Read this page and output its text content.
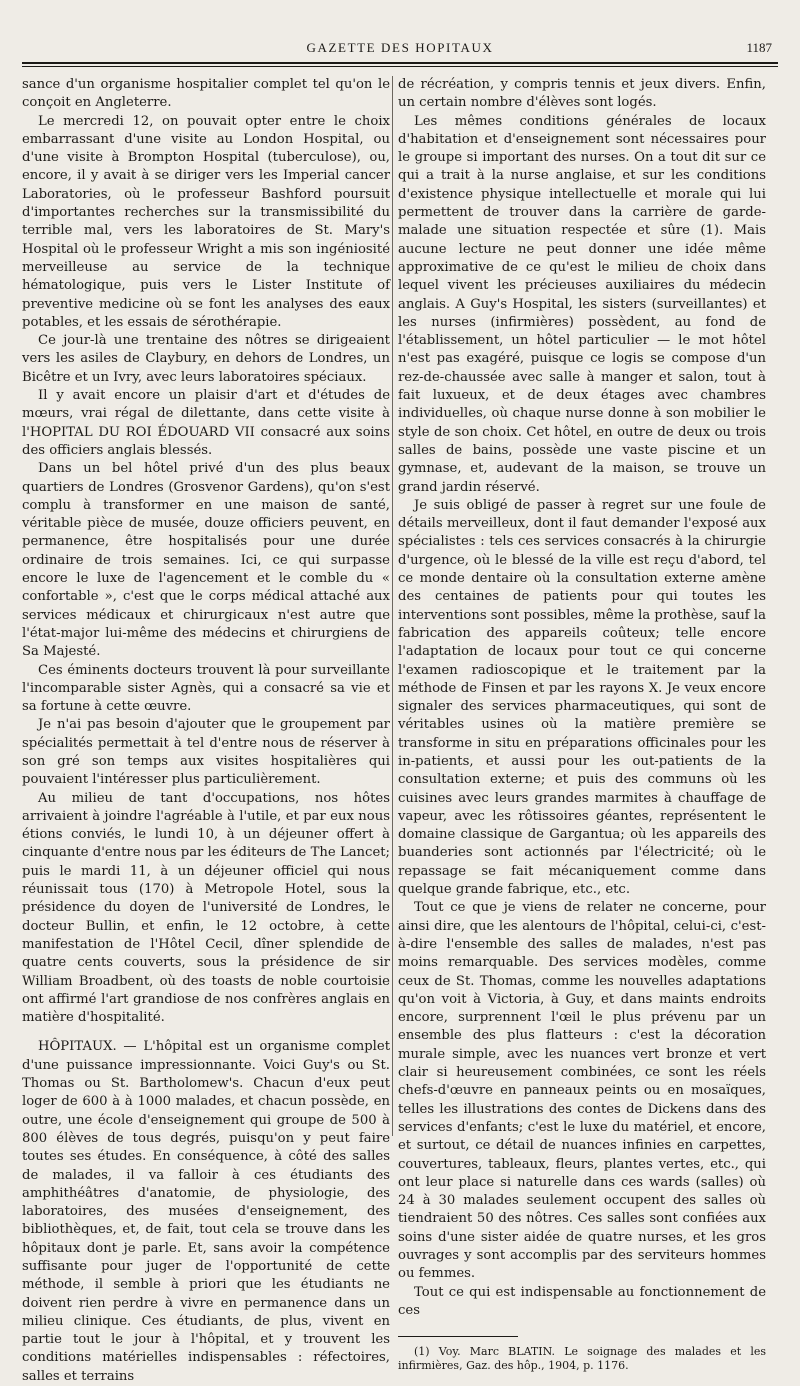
GAZETTE DES HOPITAUX	1187

sance d'un organisme hospitalier complet tel qu'on le conçoit en Angleterre.

Le mercredi 12, on pouvait opter entre le choix embarrassant d'une visite au London Hospital, ou d'une visite à Brompton Hospital (tuberculose), ou, encore, il y avait à se diriger vers les Imperial cancer Laboratories, où le professeur Bashford poursuit d'importantes recherches sur la transmissibilité du terrible mal, vers les laboratoires de St. Mary's Hospital où le professeur Wright a mis son ingéniosité merveilleuse au service de la technique hématologique, puis vers le Lister Institute of preventive medicine où se font les analyses des eaux potables, et les essais de sérothérapie.

Ce jour-là une trentaine des nôtres se dirigeaient vers les asiles de Claybury, en dehors de Londres, un Bicêtre et un Ivry, avec leurs laboratoires spéciaux.

Il y avait encore un plaisir d'art et d'études de mœurs, vrai régal de dilettante, dans cette visite à l'HOPITAL DU ROI ÉDOUARD VII consacré aux soins des officiers anglais blessés.

Dans un bel hôtel privé d'un des plus beaux quartiers de Londres (Grosvenor Gardens), qu'on s'est complu à transformer en une maison de santé, véritable pièce de musée, douze officiers peuvent, en permanence, être hospitalisés pour une durée ordinaire de trois semaines. Ici, ce qui surpasse encore le luxe de l'agencement et le comble du « confortable », c'est que le corps médical attaché aux services médicaux et chirurgicaux n'est autre que l'état-major lui-même des médecins et chirurgiens de Sa Majesté.

Ces éminents docteurs trouvent là pour surveillante l'incomparable sister Agnès, qui a consacré sa vie et sa fortune à cette œuvre.

Je n'ai pas besoin d'ajouter que le groupement par spécialités permettait à tel d'entre nous de réserver à son gré son temps aux visites hospitalières qui pouvaient l'intéresser plus particulièrement.

Au milieu de tant d'occupations, nos hôtes arrivaient à joindre l'agréable à l'utile, et par eux nous étions conviés, le lundi 10, à un déjeuner offert à cinquante d'entre nous par les éditeurs de The Lancet; puis le mardi 11, à un déjeuner officiel qui nous réunissait tous (170) à Metropole Hotel, sous la présidence du doyen de l'université de Londres, le docteur Bullin, et enfin, le 12 octobre, à cette manifestation de l'Hôtel Cecil, dîner splendide de quatre cents couverts, sous la présidence de sir William Broadbent, où des toasts de noble courtoisie ont affirmé l'art grandiose de nos confrères anglais en matière d'hospitalité.

HÔPITAUX. — L'hôpital est un organisme complet d'une puissance impressionnante. Voici Guy's ou St. Thomas ou St. Bartholomew's. Chacun d'eux peut loger de 600 à à 1000 malades, et chacun possède, en outre, une école d'enseignement qui groupe de 500 à 800 élèves de tous degrés, puisqu'on y peut faire toutes ses études. En conséquence, à côté des salles de malades, il va falloir à ces étudiants des amphithéâtres d'anatomie, de physiologie, des laboratoires, des musées d'enseignement, des bibliothèques, et, de fait, tout cela se trouve dans les hôpitaux dont je parle. Et, sans avoir la compétence suffisante pour juger de l'opportunité de cette méthode, il semble à priori que les étudiants ne doivent rien perdre à vivre en permanence dans un milieu clinique. Ces étudiants, de plus, vivent en partie tout le jour à l'hôpital, et y trouvent les conditions matérielles indispensables : réfectoires, salles et terrains

de récréation, y compris tennis et jeux divers. Enfin, un certain nombre d'élèves sont logés.

Les mêmes conditions générales de locaux d'habitation et d'enseignement sont nécessaires pour le groupe si important des nurses. On a tout dit sur ce qui a trait à la nurse anglaise, et sur les conditions d'existence physique intellectuelle et morale qui lui permettent de trouver dans la carrière de garde-malade une situation respectée et sûre (1). Mais aucune lecture ne peut donner une idée même approximative de ce qu'est le milieu de choix dans lequel vivent les précieuses auxiliaires du médecin anglais. A Guy's Hospital, les sisters (surveillantes) et les nurses (infirmières) possèdent, au fond de l'établissement, un hôtel particulier — le mot hôtel n'est pas exagéré, puisque ce logis se compose d'un rez-de-chaussée avec salle à manger et salon, tout à fait luxueux, et de deux étages avec chambres individuelles, où chaque nurse donne à son mobilier le style de son choix. Cet hôtel, en outre de deux ou trois salles de bains, possède une vaste piscine et un gymnase, et, audevant de la maison, se trouve un grand jardin réservé.

Je suis obligé de passer à regret sur une foule de détails merveilleux, dont il faut demander l'exposé aux spécialistes : tels ces services consacrés à la chirurgie d'urgence, où le blessé de la ville est reçu d'abord, tel ce monde dentaire où la consultation externe amène des centaines de patients pour qui toutes les interventions sont possibles, même la prothèse, sauf la fabrication des appareils coûteux; telle encore l'adaptation de locaux pour tout ce qui concerne l'examen radioscopique et le traitement par la méthode de Finsen et par les rayons X. Je veux encore signaler des services pharmaceutiques, qui sont de véritables usines où la matière première se transforme in situ en préparations officinales pour les in-patients, et aussi pour les out-patients de la consultation externe; et puis des communs où les cuisines avec leurs grandes marmites à chauffage de vapeur, avec les rôtissoires géantes, représentent le domaine classique de Gargantua; où les appareils des buanderies sont actionnés par l'électricité; où le repassage se fait mécaniquement comme dans quelque grande fabrique, etc., etc.

Tout ce que je viens de relater ne concerne, pour ainsi dire, que les alentours de l'hôpital, celui-ci, c'est-à-dire l'ensemble des salles de malades, n'est pas moins remarquable. Des services modèles, comme ceux de St. Thomas, comme les nouvelles adaptations qu'on voit à Victoria, à Guy, et dans maints endroits encore, surprennent l'œil le plus prévenu par un ensemble des plus flatteurs : c'est la décoration murale simple, avec les nuances vert bronze et vert clair si heureusement combinées, ce sont les réels chefs-d'œuvre en panneaux peints ou en mosaïques, telles les illustrations des contes de Dickens dans des services d'enfants; c'est le luxe du matériel, et encore, et surtout, ce détail de nuances infinies en carpettes, couvertures, tableaux, fleurs, plantes vertes, etc., qui ont leur place si naturelle dans ces wards (salles) où 24 à 30 malades seulement occupent des salles où tiendraient 50 des nôtres. Ces salles sont confiées aux soins d'une sister aidée de quatre nurses, et les gros ouvrages y sont accomplis par des serviteurs hommes ou femmes.

Tout ce qui est indispensable au fonctionnement de ces

(1) Voy. Marc BLATIN. Le soignage des malades et les infirmières, Gaz. des hôp., 1904, p. 1176.
